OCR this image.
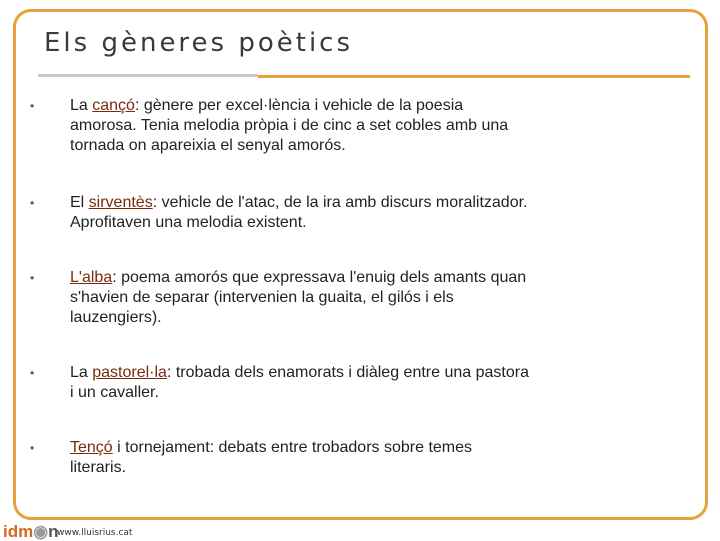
Els gèneres poètics
• La cançó: gènere per excel·lència i vehicle de la poesia amorosa. Tenia melodia pròpia i de cinc a set cobles amb una tornada on apareixia el senyal amorós.
• El sirventès: vehicle de l'atac, de la ira amb discurs moralitzador. Aprofitaven una melodia existent.
• L'alba: poema amorós que expressava l'enuig dels amants quan s'havien de separar (intervenien la guaita, el gilós i els lauzengiers).
• La pastorel·la: trobada dels enamorats i diàleg entre una pastora i un cavaller.
• Tençó i tornejament: debats entre trobadors sobre temes literaris.
idm◉n
www.lluisrius.cat
